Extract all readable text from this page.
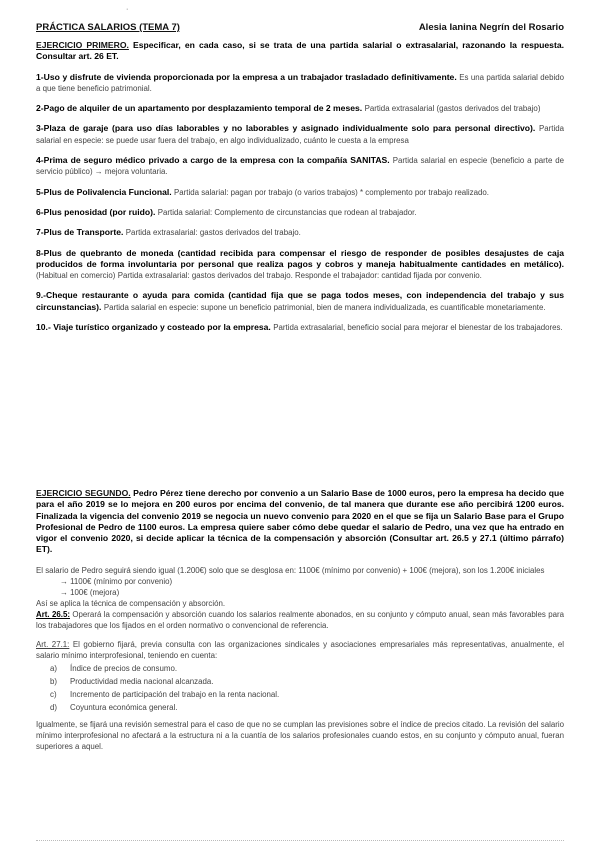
·
PRÁCTICA SALARIOS (TEMA 7)	Alesia Ianina Negrín del Rosario

EJERCICIO PRIMERO. Especificar, en cada caso, si se trata de una partida salarial o extrasalarial, razonando la respuesta. Consultar art. 26 ET.

1-Uso y disfrute de vivienda proporcionada por la empresa a un trabajador trasladado definitivamente. Es una partida salarial debido a que tiene beneficio patrimonial.

2-Pago de alquiler de un apartamento por desplazamiento temporal de 2 meses. Partida extrasalarial (gastos derivados del trabajo)

3-Plaza de garaje (para uso días laborables y no laborables y asignado individualmente solo para personal directivo). Partida salarial en especie: se puede usar fuera del trabajo, en algo individualizado, cuánto le cuesta a la empresa

4-Prima de seguro médico privado a cargo de la empresa con la compañía SANITAS. Partida salarial en especie (beneficio a parte de servicio público) → mejora voluntaria.

5-Plus de Polivalencia Funcional. Partida salarial: pagan por trabajo (o varios trabajos) * complemento por trabajo realizado.

6-Plus penosidad (por ruido). Partida salarial: Complemento de circunstancias que rodean al trabajador.

7-Plus de Transporte. Partida extrasalarial: gastos derivados del trabajo.

8-Plus de quebranto de moneda (cantidad recibida para compensar el riesgo de responder de posibles desajustes de caja producidos de forma involuntaria por personal que realiza pagos y cobros y maneja habitualmente cantidades en metálico). (Habitual en comercio) Partida extrasalarial: gastos derivados del trabajo. Responde el trabajador: cantidad fijada por convenio.

9.-Cheque restaurante o ayuda para comida (cantidad fija que se paga todos meses, con independencia del trabajo y sus circunstancias). Partida salarial en especie: supone un beneficio patrimonial, bien de manera individualizada, es cuantificable monetariamente.

10.- Viaje turístico organizado y costeado por la empresa. Partida extrasalarial, beneficio social para mejorar el bienestar de los trabajadores.

EJERCICIO SEGUNDO. Pedro Pérez tiene derecho por convenio a un Salario Base de 1000 euros, pero la empresa ha decido que para el año 2019 se lo mejora en 200 euros por encima del convenio, de tal manera que durante ese año percibirá 1200 euros. Finalizada la vigencia del convenio 2019 se negocia un nuevo convenio para 2020 en el que se fija un Salario Base para el Grupo Profesional de Pedro de 1100 euros. La empresa quiere saber cómo debe quedar el salario de Pedro, una vez que ha entrado en vigor el convenio 2020, si decide aplicar la técnica de la compensación y absorción (Consultar art. 26.5 y 27.1 (último párrafo) ET).

El salario de Pedro seguirá siendo igual (1.200€) solo que se desglosa en: 1100€ (mínimo por convenio) + 100€ (mejora), son los 1.200€ iniciales
→ 1100€ (mínimo por convenio)
→ 100€ (mejora)
Así se aplica la técnica de compensación y absorción.
Art. 26.5: Operará la compensación y absorción cuando los salarios realmente abonados, en su conjunto y cómputo anual, sean más favorables para los trabajadores que los fijados en el orden normativo o convencional de referencia.
Art. 27.1: El gobierno fijará, previa consulta con las organizaciones sindicales y asociaciones empresariales más representativas, anualmente, el salario mínimo interprofesional, teniendo en cuenta:
a) Índice de precios de consumo.
b) Productividad media nacional alcanzada.
c) Incremento de participación del trabajo en la renta nacional.
d) Coyuntura económica general.
Igualmente, se fijará una revisión semestral para el caso de que no se cumplan las previsiones sobre el índice de precios citado. La revisión del salario mínimo interprofesional no afectará a la estructura ni a la cuantía de los salarios profesionales cuando estos, en su conjunto y cómputo anual, fueran superiores a aquel.
